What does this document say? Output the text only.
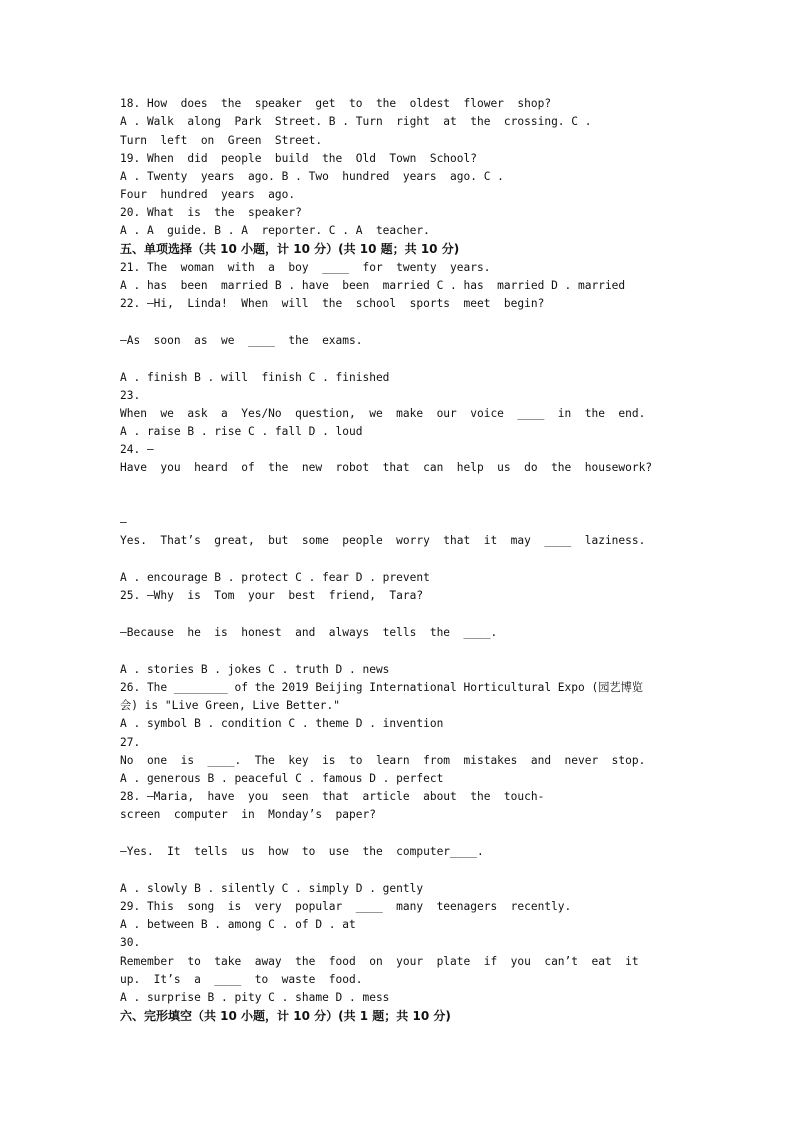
18. How  does  the  speaker  get  to  the  oldest  flower  shop?
A . Walk  along  Park  Street. B . Turn  right  at  the  crossing. C .
Turn  left  on  Green  Street.
19. When  did  people  build  the  Old  Town  School?
A . Twenty  years  ago. B . Two  hundred  years  ago. C .
Four  hundred  years  ago.
20. What  is  the  speaker?
A . A  guide. B . A  reporter. C . A  teacher.
五、单项选择（共 10 小题，计 10 分）(共 10 题；共 10 分)
21. The  woman  with  a  boy  ____  for  twenty  years.
A . has  been  married B . have  been  married C . has  married D . married
22. —Hi,  Linda!  When  will  the  school  sports  meet  begin?
—As  soon  as  we  ____  the  exams.
A . finish B . will  finish C . finished
23.
When  we  ask  a  Yes/No  question,  we  make  our  voice  ____  in  the  end.
A . raise B . rise C . fall D . loud
24. —
Have  you  heard  of  the  new  robot  that  can  help  us  do  the  housework?
—
Yes.  That’s  great,  but  some  people  worry  that  it  may  ____  laziness.
A . encourage B . protect C . fear D . prevent
25. —Why  is  Tom  your  best  friend,  Tara?
—Because  he  is  honest  and  always  tells  the  ____.
A . stories B . jokes C . truth D . news
26. The ________ of the 2019 Beijing International Horticultural Expo (园艺博览
会) is "Live Green, Live Better."
A . symbol B . condition C . theme D . invention
27.
No  one  is  ____.  The  key  is  to  learn  from  mistakes  and  never  stop.
A . generous B . peaceful C . famous D . perfect
28. —Maria,  have  you  seen  that  article  about  the  touch-
screen  computer  in  Monday’s  paper?
—Yes.  It  tells  us  how  to  use  the  computer____.
A . slowly B . silently C . simply D . gently
29. This  song  is  very  popular  ____  many  teenagers  recently.
A . between B . among C . of D . at
30.
Remember  to  take  away  the  food  on  your  plate  if  you  can’t  eat  it
up.  It’s  a  ____  to  waste  food.
A . surprise B . pity C . shame D . mess
六、完形填空（共 10 小题，计 10 分）(共 1 题；共 10 分)
